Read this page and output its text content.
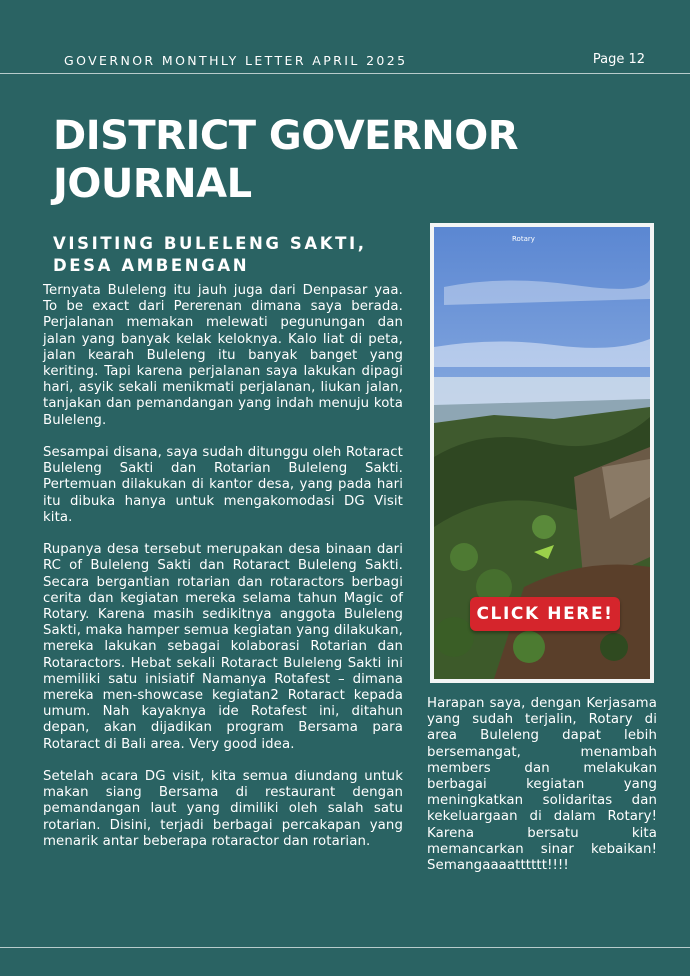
GOVERNOR MONTHLY LETTER APRIL 2025	Page 12
DISTRICT GOVERNOR
JOURNAL
VISITING BULELENG SAKTI,
DESA AMBENGAN

Ternyata Buleleng itu jauh juga dari Denpasar yaa. To be exact dari Pererenan dimana saya berada. Perjalanan memakan melewati pegunungan dan jalan yang banyak kelak keloknya. Kalo liat di peta, jalan kearah Buleleng itu banyak banget yang keriting. Tapi karena perjalanan saya lakukan dipagi hari, asyik sekali menikmati perjalanan, liukan jalan, tanjakan dan pemandangan yang indah menuju kota Buleleng.

Sesampai disana, saya sudah ditunggu oleh Rotaract Buleleng Sakti dan Rotarian Buleleng Sakti. Pertemuan dilakukan di kantor desa, yang pada hari itu dibuka hanya untuk mengakomodasi DG Visit kita.

Rupanya desa tersebut merupakan desa binaan dari RC of Buleleng Sakti dan Rotaract Buleleng Sakti. Secara bergantian rotarian dan rotaractors berbagi cerita dan kegiatan mereka selama tahun Magic of Rotary. Karena masih sedikitnya anggota Buleleng Sakti, maka hamper semua kegiatan yang dilakukan, mereka lakukan sebagai kolaborasi Rotarian dan Rotaractors. Hebat sekali Rotaract Buleleng Sakti ini memiliki satu inisiatif Namanya Rotafest – dimana mereka men-showcase kegiatan2 Rotaract kepada umum. Nah kayaknya ide Rotafest ini, ditahun depan, akan dijadikan program Bersama para Rotaract di Bali area. Very good idea.

Setelah acara DG visit, kita semua diundang untuk makan siang Bersama di restaurant dengan pemandangan laut yang dimiliki oleh salah satu rotarian. Disini, terjadi berbagai percakapan yang menarik antar beberapa rotaractor dan rotarian.

Rotary
CLICK HERE!

Harapan saya, dengan Kerjasama yang sudah terjalin, Rotary di area Buleleng dapat lebih bersemangat, menambah members dan melakukan berbagai kegiatan yang meningkatkan solidaritas dan kekeluargaan di dalam Rotary! Karena bersatu kita memancarkan sinar kebaikan! Semangaaaatttttt!!!!
